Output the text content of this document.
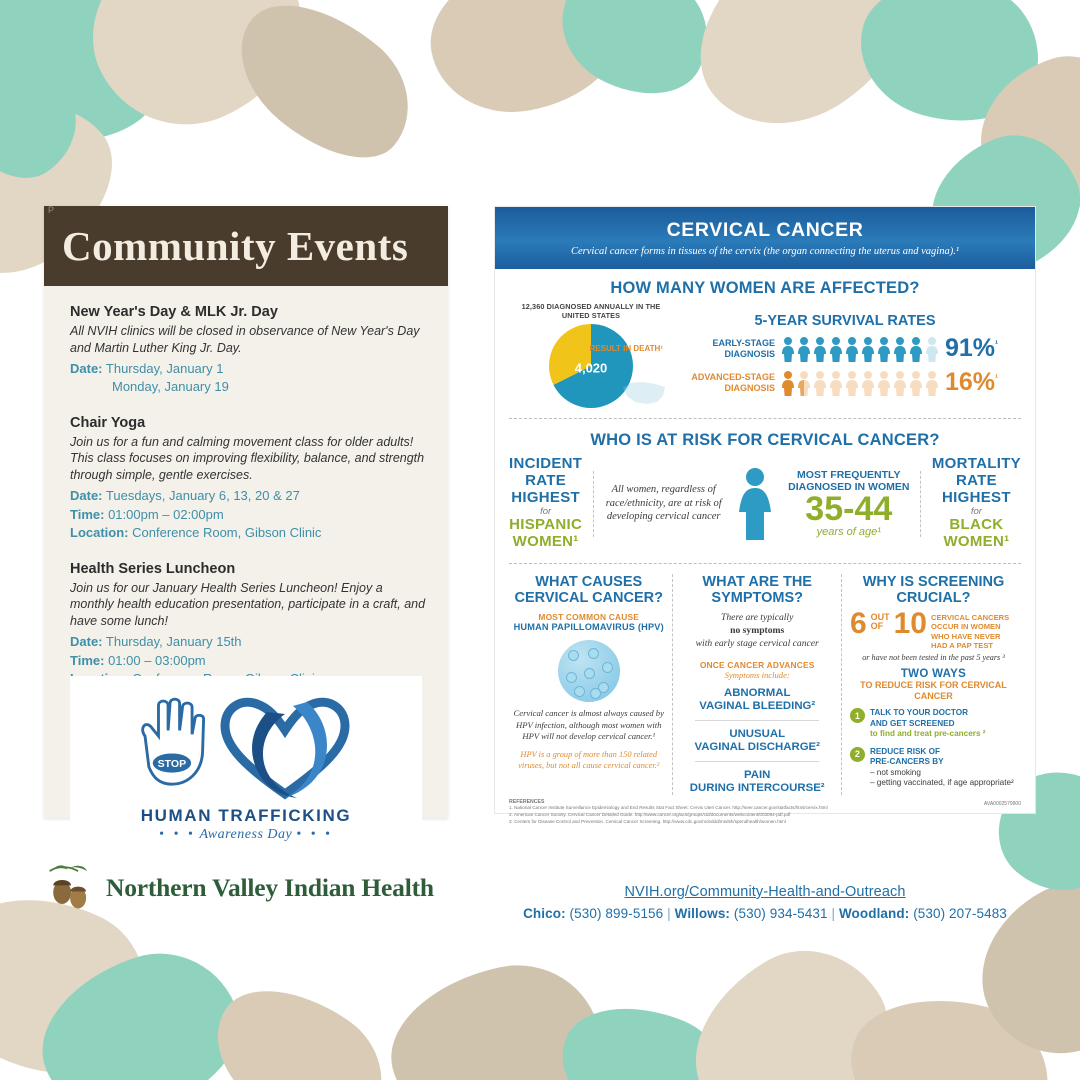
P
Community Events
New Year's Day & MLK Jr. Day
All NVIH clinics will be closed in observance of New Year's Day and Martin Luther King Jr. Day.
Date: Thursday, January 1
Monday, January 19
Chair Yoga
Join us for a fun and calming movement class for older adults! This class focuses on improving flexibility, balance, and strength through simple, gentle exercises.
Date: Tuesdays, January 6, 13, 20 & 27
Time: 01:00pm – 02:00pm
Location: Conference Room, Gibson Clinic
Health Series Luncheon
Join us for our January Health Series Luncheon! Enjoy a monthly health education presentation, participate in a craft, and have some lunch!
Date: Thursday, January 15th
Time: 01:00 – 03:00pm
STOP
HUMAN TRAFFICKING
• • • Awareness Day • • •
Northern Valley Indian Health
CERVICAL CANCER

Cervical cancer forms in tissues of the cervix (the organ connecting the uterus and vagina).¹

HOW MANY WOMEN ARE AFFECTED?
12,360 DIAGNOSED ANNUALLY IN THE UNITED STATES
4,020
RESULT IN DEATH¹
5-YEAR SURVIVAL RATES
EARLY-STAGE DIAGNOSIS	91%$^{^1}$
ADVANCED-STAGE DIAGNOSIS	16%$^{^1}$
WHO IS AT RISK FOR CERVICAL CANCER?
INCIDENT
RATE
HIGHEST
for
HISPANIC
WOMEN¹
All women, regardless of race/ethnicity, are at risk of developing cervical cancer
MOST FREQUENTLY
DIAGNOSED IN WOMEN
35-44
years of age¹
MORTALITY
RATE
HIGHEST
for
BLACK
WOMEN¹
WHAT CAUSES
CERVICAL CANCER?
MOST COMMON CAUSE
HUMAN PAPILLOMAVIRUS (HPV)
Cervical cancer is almost always caused by HPV infection, although most women with HPV will not develop cervical cancer.¹
HPV is a group of more than 150 related viruses, but not all cause cervical cancer.²
WHAT ARE THE
SYMPTOMS?
There are typically
no symptoms
with early stage cervical cancer
ONCE CANCER ADVANCES
Symptoms include:
ABNORMAL
VAGINAL BLEEDING²
UNUSUAL
VAGINAL DISCHARGE²
PAIN
DURING INTERCOURSE²
WHY IS SCREENING
CRUCIAL?
6 OUT
OF 10 CERVICAL CANCERS OCCUR IN WOMEN WHO HAVE NEVER HAD A PAP TEST
or have not been tested in the past 5 years ³
TWO WAYS
TO REDUCE RISK FOR CERVICAL CANCER
1	TALK TO YOUR DOCTOR
AND GET SCREENED
to find and treat pre-cancers ²
2	REDUCE RISK OF
PRE-CANCERS BY
– not smoking
– getting vaccinated, if age appropriate²
REFERENCES
1. National Cancer Institute Surveillance Epidemiology and End Results Stat Fact Sheet: Cervix Uteri Cancer. http://seer.cancer.gov/statfacts/html/cervix.html
2. American Cancer Society. Cervical Cancer Detailed Guide. http://www.cancer.org/acs/groups/cid/documents/webcontent/003094-pdf.pdf
3. Centers for Disease Control and Prevention. Cervical Cancer Screening. http://www.cdc.gov/mcbddd/msdsh/spendhealth/women.html
AVA0002579900
NVIH.org/Community-Health-and-Outreach
Chico: (530) 899-5156 | Willows: (530) 934-5431 | Woodland: (530) 207-5483
